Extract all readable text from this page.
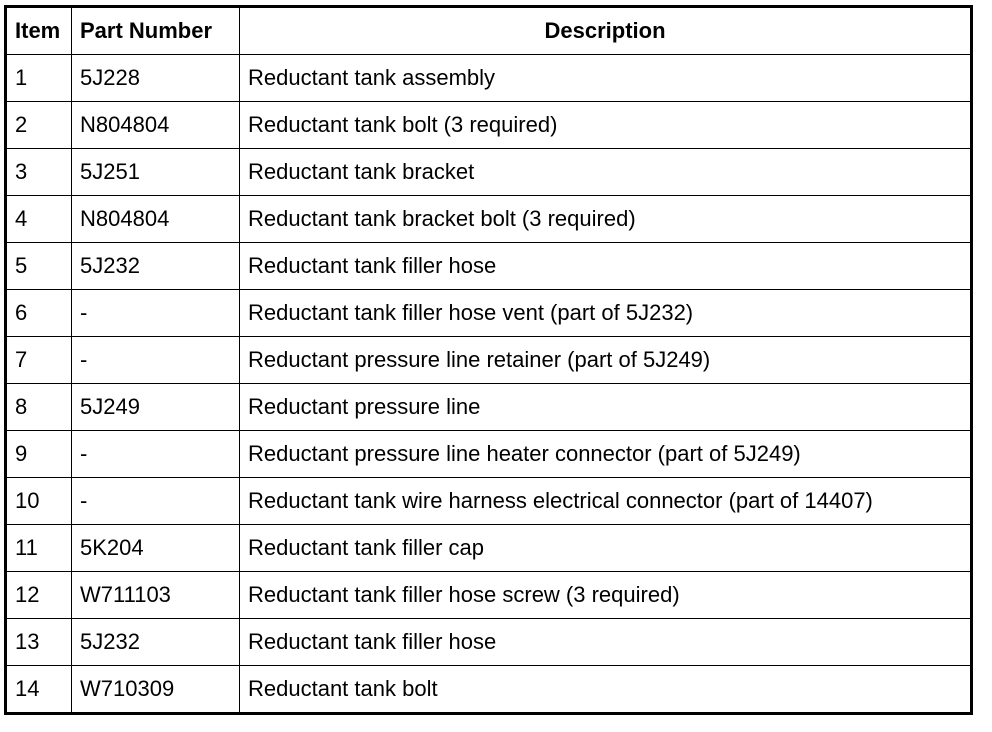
Item	Part Number	Description
1	5J228	Reductant tank assembly
2	N804804	Reductant tank bolt (3 required)
3	5J251	Reductant tank bracket
4	N804804	Reductant tank bracket bolt (3 required)
5	5J232	Reductant tank filler hose
6	-	Reductant tank filler hose vent (part of 5J232)
7	-	Reductant pressure line retainer (part of 5J249)
8	5J249	Reductant pressure line
9	-	Reductant pressure line heater connector (part of 5J249)
10	-	Reductant tank wire harness electrical connector (part of 14407)
11	5K204	Reductant tank filler cap
12	W711103	Reductant tank filler hose screw (3 required)
13	5J232	Reductant tank filler hose
14	W710309	Reductant tank bolt
